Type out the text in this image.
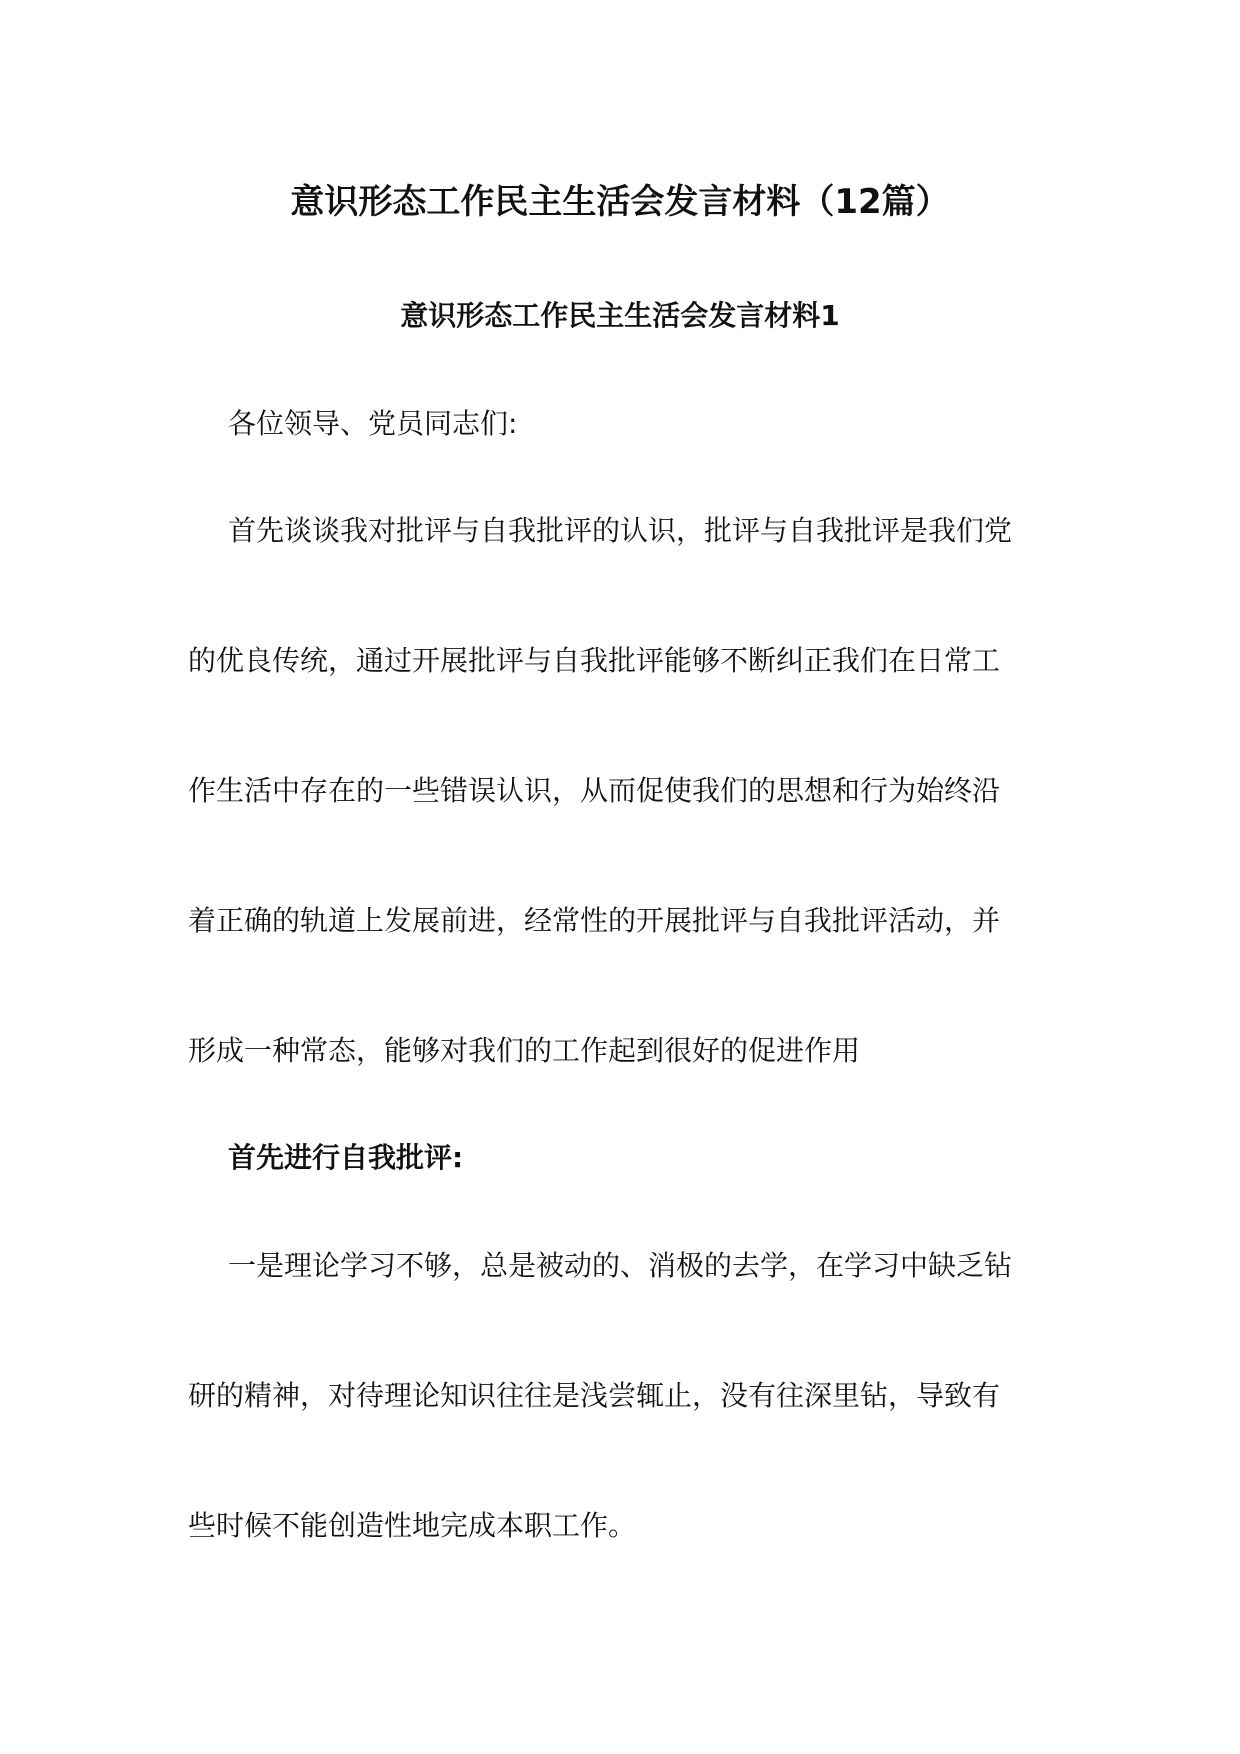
意识形态工作民主生活会发言材料（12篇）
意识形态工作民主生活会发言材料1
各位领导、党员同志们:
首先谈谈我对批评与自我批评的认识，批评与自我批评是我们党
的优良传统，通过开展批评与自我批评能够不断纠正我们在日常工
作生活中存在的一些错误认识，从而促使我们的思想和行为始终沿
着正确的轨道上发展前进，经常性的开展批评与自我批评活动，并
形成一种常态，能够对我们的工作起到很好的促进作用
首先进行自我批评:
一是理论学习不够，总是被动的、消极的去学，在学习中缺乏钻
研的精神，对待理论知识往往是浅尝辄止，没有往深里钻，导致有
些时候不能创造性地完成本职工作。
